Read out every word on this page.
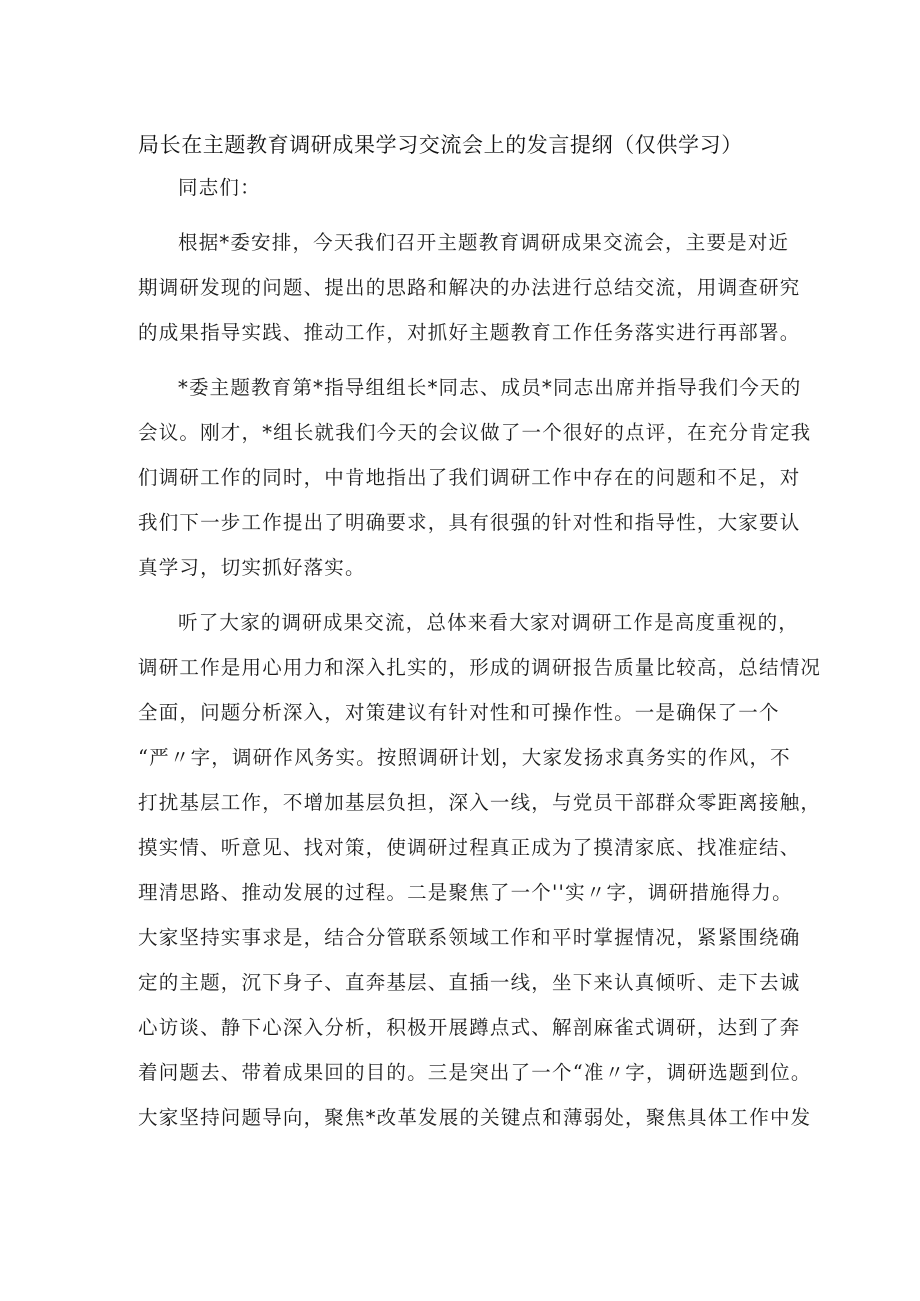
局长在主题教育调研成果学习交流会上的发言提纲（仅供学习）

同志们：

根据*委安排，今天我们召开主题教育调研成果交流会，主要是对近
期调研发现的问题、提出的思路和解决的办法进行总结交流，用调查研究
的成果指导实践、推动工作，对抓好主题教育工作任务落实进行再部署。

*委主题教育第*指导组组长*同志、成员*同志出席并指导我们今天的
会议。刚才，*组长就我们今天的会议做了一个很好的点评，在充分肯定我
们调研工作的同时，中肯地指出了我们调研工作中存在的问题和不足，对
我们下一步工作提出了明确要求，具有很强的针对性和指导性，大家要认
真学习，切实抓好落实。

听了大家的调研成果交流，总体来看大家对调研工作是高度重视的，
调研工作是用心用力和深入扎实的，形成的调研报告质量比较高，总结情况
全面，问题分析深入，对策建议有针对性和可操作性。一是确保了一个
“严〃字，调研作风务实。按照调研计划，大家发扬求真务实的作风，不
打扰基层工作，不增加基层负担，深入一线，与党员干部群众零距离接触，
摸实情、听意见、找对策，使调研过程真正成为了摸清家底、找准症结、
理清思路、推动发展的过程。二是聚焦了一个''实〃字，调研措施得力。
大家坚持实事求是，结合分管联系领域工作和平时掌握情况，紧紧围绕确
定的主题，沉下身子、直奔基层、直插一线，坐下来认真倾听、走下去诚
心访谈、静下心深入分析，积极开展蹲点式、解剖麻雀式调研，达到了奔
着问题去、带着成果回的目的。三是突出了一个“准〃字，调研选题到位。
大家坚持问题导向，聚焦*改革发展的关键点和薄弱处，聚焦具体工作中发
